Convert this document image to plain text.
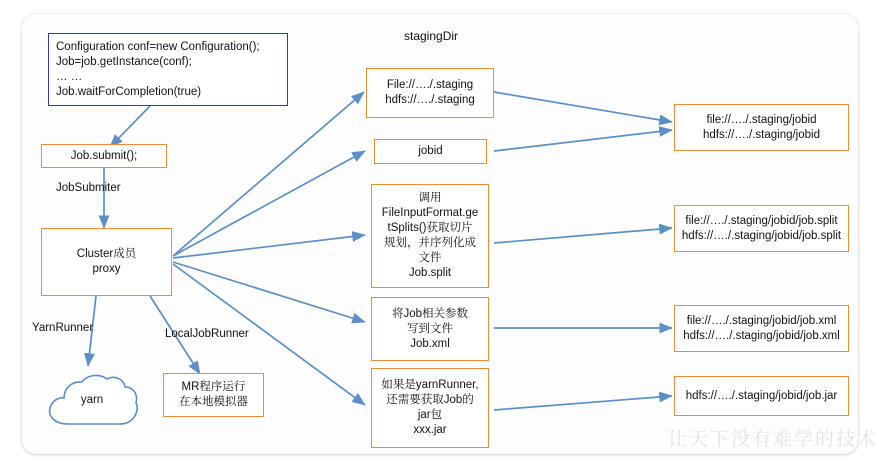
Configuration conf=new Configuration();
Job=job.getInstance(conf);
… …
Job.waitForCompletion(true)
Job.submit();
JobSubmiter
Cluster成员
proxy
YarnRunner	LocalJobRunner
yarn
MR程序运行
在本地模拟器
stagingDir
File://…./.staging
hdfs://…./.staging
jobid
调用
FileInputFormat.ge
tSplits()获取切片
规划，并序列化成
文件
Job.split
将Job相关参数
写到文件
Job.xml
如果是yarnRunner,
还需要获取Job的
jar包
xxx.jar
file://…./.staging/jobid
hdfs://…./.staging/jobid
file://…./.staging/jobid/job.split
hdfs://…./.staging/jobid/job.split
file://…./.staging/jobid/job.xml
hdfs://…./.staging/jobid/job.xml
hdfs://…./.staging/jobid/job.jar
让天下没有难学的技术
